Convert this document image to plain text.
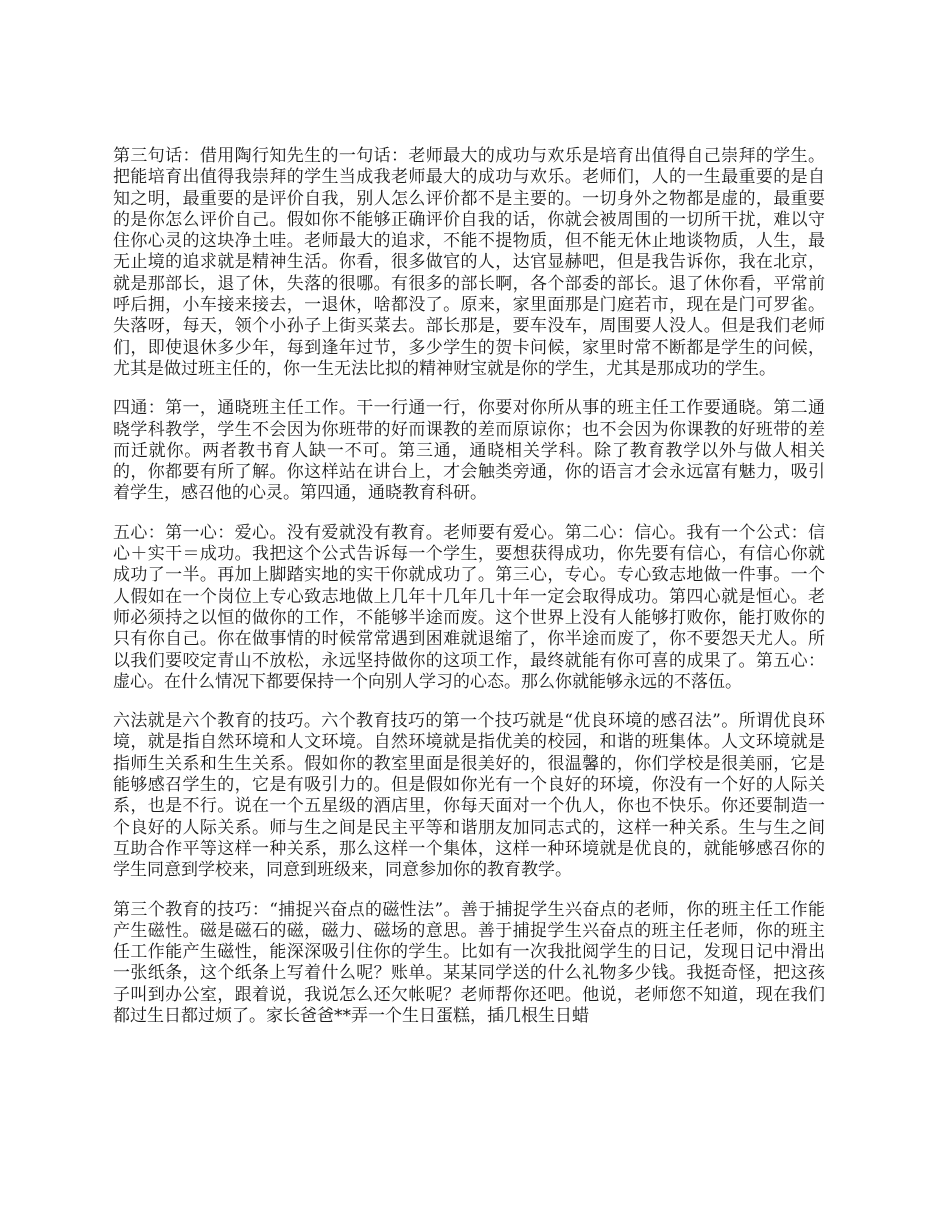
第三句话：借用陶行知先生的一句话：老师最大的成功与欢乐是培育出值得自己崇拜的学生。把能培育出值得我崇拜的学生当成我老师最大的成功与欢乐。老师们，人的一生最重要的是自知之明，最重要的是评价自我，别人怎么评价都不是主要的。一切身外之物都是虚的，最重要的是你怎么评价自己。假如你不能够正确评价自我的话，你就会被周围的一切所干扰，难以守住你心灵的这块净土哇。老师最大的追求，不能不提物质，但不能无休止地谈物质，人生，最无止境的追求就是精神生活。你看，很多做官的人，达官显赫吧，但是我告诉你，我在北京，就是那部长，退了休，失落的很哪。有很多的部长啊，各个部委的部长。退了休你看，平常前呼后拥，小车接来接去，一退休，啥都没了。原来，家里面那是门庭若市，现在是门可罗雀。失落呀，每天，领个小孙子上街买菜去。部长那是，要车没车，周围要人没人。但是我们老师们，即使退休多少年，每到逢年过节，多少学生的贺卡问候，家里时常不断都是学生的问候，尤其是做过班主任的，你一生无法比拟的精神财宝就是你的学生，尤其是那成功的学生。

四通：第一，通晓班主任工作。干一行通一行，你要对你所从事的班主任工作要通晓。第二通晓学科教学，学生不会因为你班带的好而课教的差而原谅你；也不会因为你课教的好班带的差而迁就你。两者教书育人缺一不可。第三通，通晓相关学科。除了教育教学以外与做人相关的，你都要有所了解。你这样站在讲台上，才会触类旁通，你的语言才会永远富有魅力，吸引着学生，感召他的心灵。第四通，通晓教育科研。

五心：第一心：爱心。没有爱就没有教育。老师要有爱心。第二心：信心。我有一个公式：信心＋实干＝成功。我把这个公式告诉每一个学生，要想获得成功，你先要有信心，有信心你就成功了一半。再加上脚踏实地的实干你就成功了。第三心，专心。专心致志地做一件事。一个人假如在一个岗位上专心致志地做上几年十几年几十年一定会取得成功。第四心就是恒心。老师必须持之以恒的做你的工作，不能够半途而废。这个世界上没有人能够打败你，能打败你的只有你自己。你在做事情的时候常常遇到困难就退缩了，你半途而废了，你不要怨天尤人。所以我们要咬定青山不放松，永远坚持做你的这项工作，最终就能有你可喜的成果了。第五心：虚心。在什么情况下都要保持一个向别人学习的心态。那么你就能够永远的不落伍。

六法就是六个教育的技巧。六个教育技巧的第一个技巧就是“优良环境的感召法”。所谓优良环境，就是指自然环境和人文环境。自然环境就是指优美的校园，和谐的班集体。人文环境就是指师生关系和生生关系。假如你的教室里面是很美好的，很温馨的，你们学校是很美丽，它是能够感召学生的，它是有吸引力的。但是假如你光有一个良好的环境，你没有一个好的人际关系，也是不行。说在一个五星级的酒店里，你每天面对一个仇人，你也不快乐。你还要制造一个良好的人际关系。师与生之间是民主平等和谐朋友加同志式的，这样一种关系。生与生之间互助合作平等这样一种关系，那么这样一个集体，这样一种环境就是优良的，就能够感召你的学生同意到学校来，同意到班级来，同意参加你的教育教学。

第三个教育的技巧：“捕捉兴奋点的磁性法”。善于捕捉学生兴奋点的老师，你的班主任工作能产生磁性。磁是磁石的磁，磁力、磁场的意思。善于捕捉学生兴奋点的班主任老师，你的班主任工作能产生磁性，能深深吸引住你的学生。比如有一次我批阅学生的日记，发现日记中滑出一张纸条，这个纸条上写着什么呢？账单。某某同学送的什么礼物多少钱。我挺奇怪，把这孩子叫到办公室，跟着说，我说怎么还欠帐呢？老师帮你还吧。他说，老师您不知道，现在我们都过生日都过烦了。家长爸爸**弄一个生日蛋糕，插几根生日蜡
